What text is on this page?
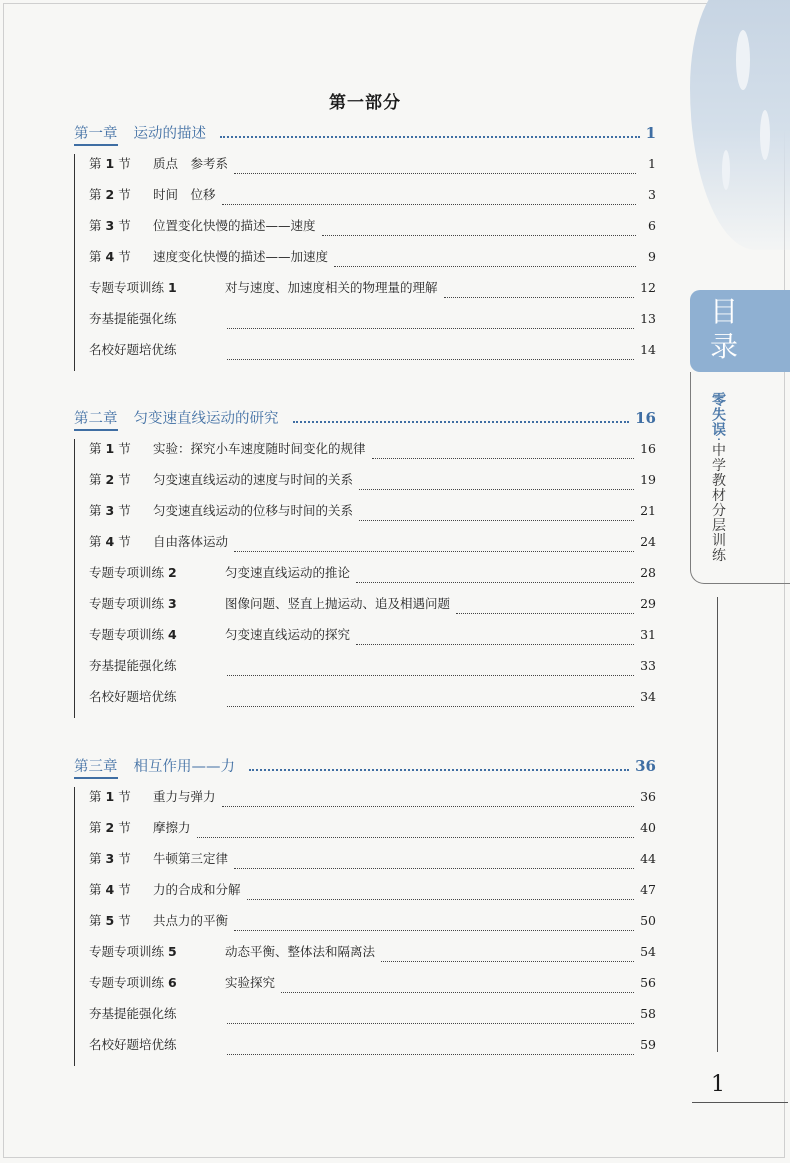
目录
零失误·中学教材分层训练
1
第一部分
第一章 运动的描述	1
第 1 节	质点　参考系	1
第 2 节	时间　位移	3
第 3 节	位置变化快慢的描述——速度	6
第 4 节	速度变化快慢的描述——加速度	9
专题专项训练 1	对与速度、加速度相关的物理量的理解	12
夯基提能强化练	13
名校好题培优练	14
第二章 匀变速直线运动的研究	16
第 1 节	实验：探究小车速度随时间变化的规律	16
第 2 节	匀变速直线运动的速度与时间的关系	19
第 3 节	匀变速直线运动的位移与时间的关系	21
第 4 节	自由落体运动	24
专题专项训练 2	匀变速直线运动的推论	28
专题专项训练 3	图像问题、竖直上抛运动、追及相遇问题	29
专题专项训练 4	匀变速直线运动的探究	31
夯基提能强化练	33
名校好题培优练	34
第三章 相互作用——力	36
第 1 节	重力与弹力	36
第 2 节	摩擦力	40
第 3 节	牛顿第三定律	44
第 4 节	力的合成和分解	47
第 5 节	共点力的平衡	50
专题专项训练 5	动态平衡、整体法和隔离法	54
专题专项训练 6	实验探究	56
夯基提能强化练	58
名校好题培优练	59
